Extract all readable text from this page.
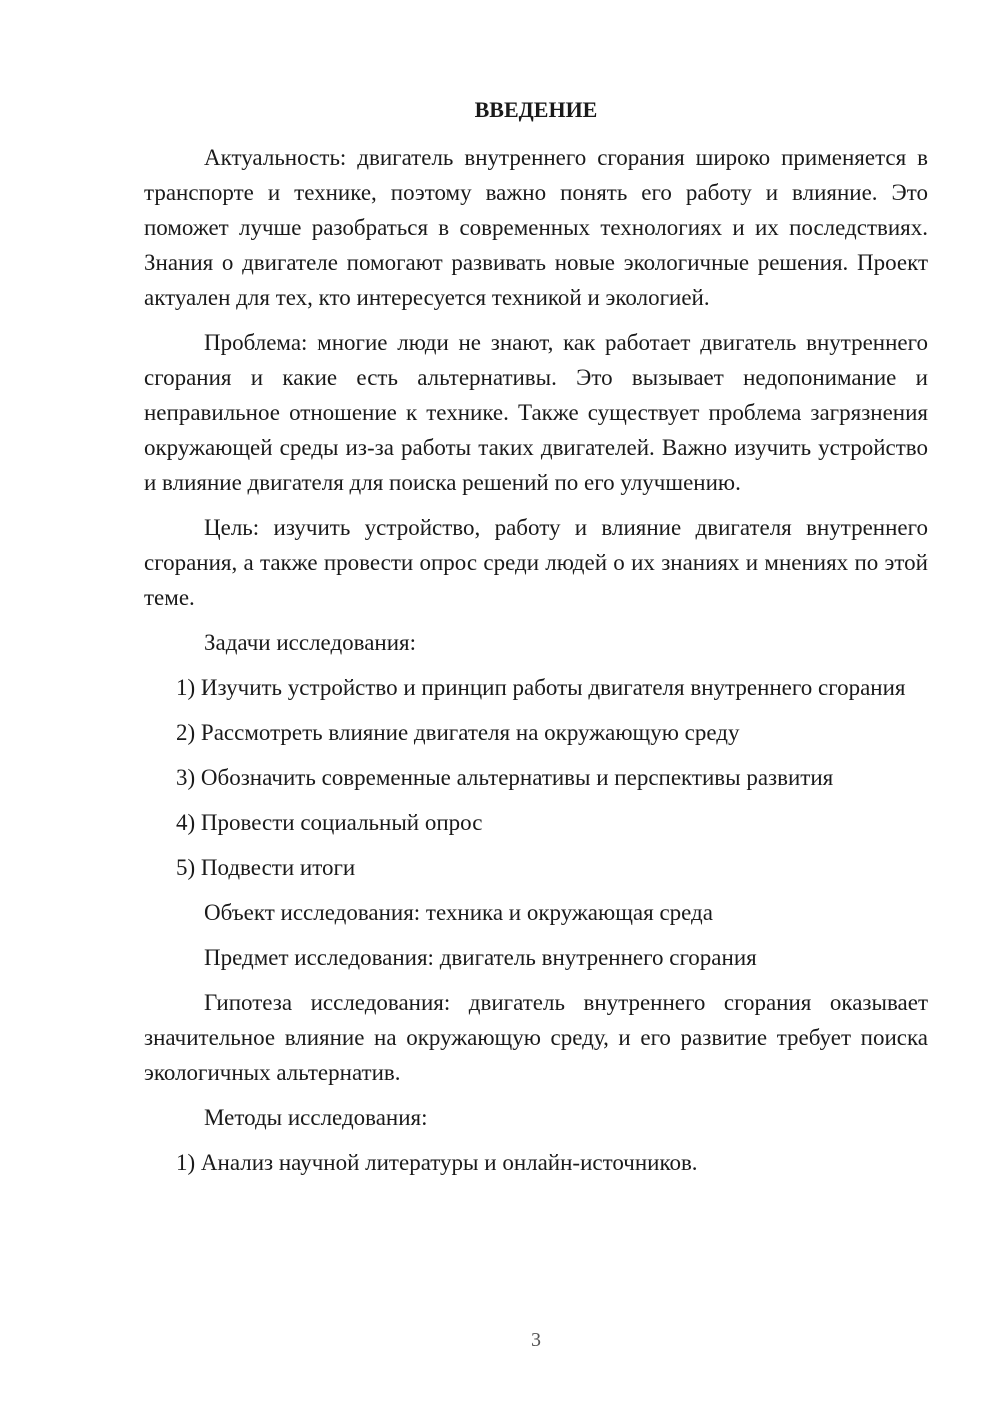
ВВЕДЕНИЕ

Актуальность: двигатель внутреннего сгорания широко применяется в транспорте и технике, поэтому важно понять его работу и влияние. Это поможет лучше разобраться в современных технологиях и их последствиях. Знания о двигателе помогают развивать новые экологичные решения. Проект актуален для тех, кто интересуется техникой и экологией.

Проблема: многие люди не знают, как работает двигатель внутреннего сгорания и какие есть альтернативы. Это вызывает недопонимание и неправильное отношение к технике. Также существует проблема загрязнения окружающей среды из-за работы таких двигателей. Важно изучить устройство и влияние двигателя для поиска решений по его улучшению.

Цель: изучить устройство, работу и влияние двигателя внутреннего сгорания, а также провести опрос среди людей о их знаниях и мнениях по этой теме.

Задачи исследования:

1) Изучить устройство и принцип работы двигателя внутреннего сгорания

2) Рассмотреть влияние двигателя на окружающую среду

3) Обозначить современные альтернативы и перспективы развития

4) Провести социальный опрос

5) Подвести итоги

Объект исследования: техника и окружающая среда

Предмет исследования: двигатель внутреннего сгорания

Гипотеза исследования: двигатель внутреннего сгорания оказывает значительное влияние на окружающую среду, и его развитие требует поиска экологичных альтернатив.

Методы исследования:

1) Анализ научной литературы и онлайн-источников.

3
